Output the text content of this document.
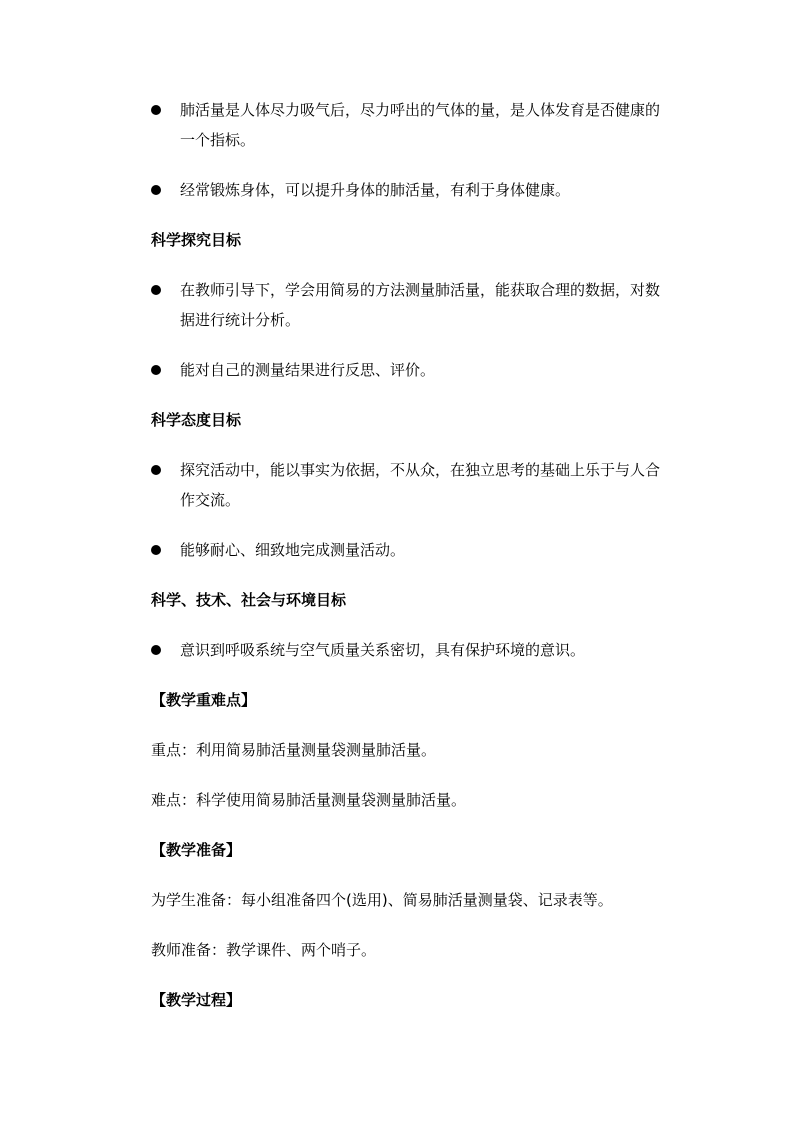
肺活量是人体尽力吸气后，尽力呼出的气体的量，是人体发育是否健康的一个指标。
经常锻炼身体，可以提升身体的肺活量，有利于身体健康。
科学探究目标
在教师引导下，学会用简易的方法测量肺活量，能获取合理的数据，对数据进行统计分析。
能对自己的测量结果进行反思、评价。
科学态度目标
探究活动中，能以事实为依据，不从众，在独立思考的基础上乐于与人合作交流。
能够耐心、细致地完成测量活动。
科学、技术、社会与环境目标
意识到呼吸系统与空气质量关系密切，具有保护环境的意识。
【教学重难点】
重点：利用简易肺活量测量袋测量肺活量。
难点：科学使用简易肺活量测量袋测量肺活量。
【教学准备】
为学生准备：每小组准备四个(选用)、简易肺活量测量袋、记录表等。
教师准备：教学课件、两个哨子。
【教学过程】
